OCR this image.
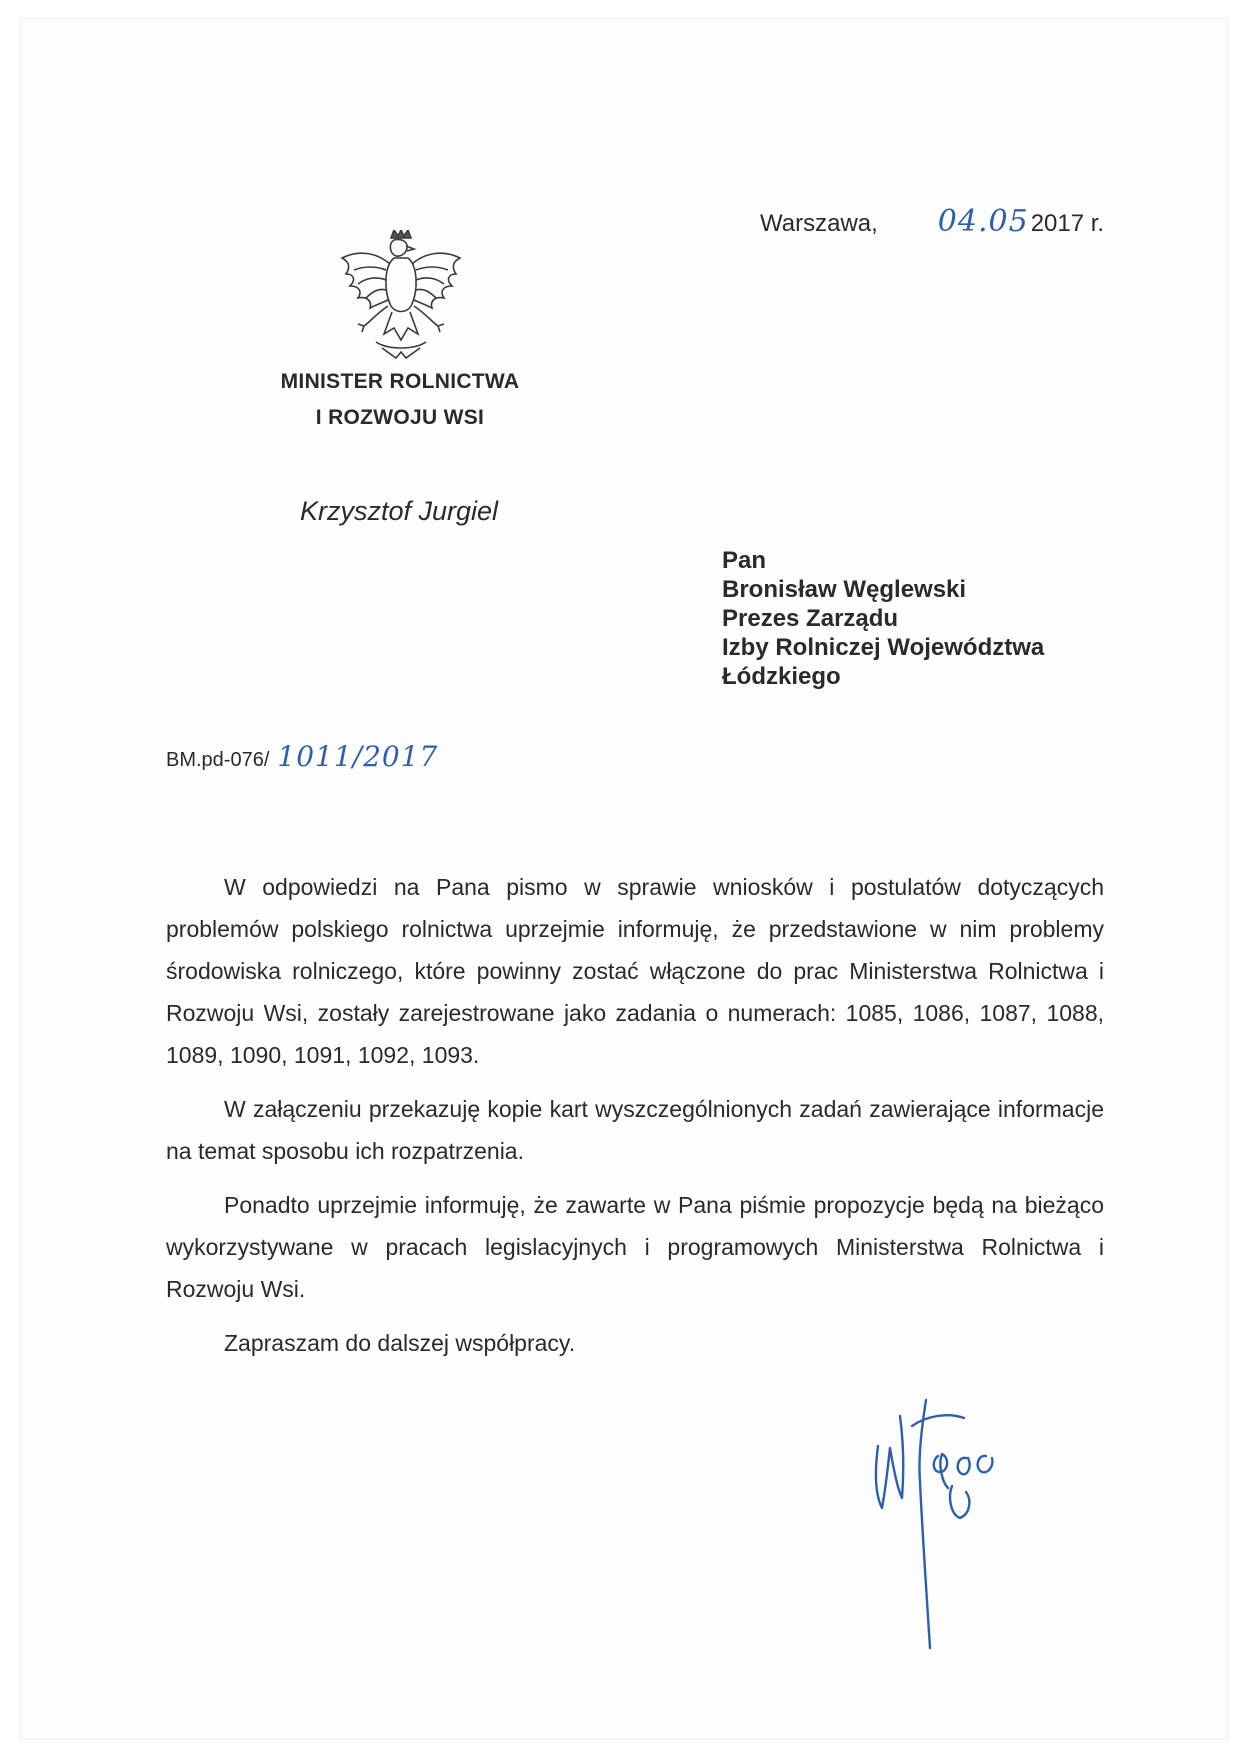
Warszawa, 04.05 2017 r.
MINISTER ROLNICTWA
I ROZWOJU WSI
Krzysztof Jurgiel
Pan
Bronisław Węglewski
Prezes Zarządu
Izby Rolniczej Województwa
Łódzkiego
BM.pd-076/ 1011/2017

W odpowiedzi na Pana pismo w sprawie wniosków i postulatów dotyczących problemów polskiego rolnictwa uprzejmie informuję, że przedstawione w nim problemy środowiska rolniczego, które powinny zostać włączone do prac Ministerstwa Rolnictwa i Rozwoju Wsi, zostały zarejestrowane jako zadania o numerach: 1085, 1086, 1087, 1088, 1089, 1090, 1091, 1092, 1093.

W załączeniu przekazuję kopie kart wyszczególnionych zadań zawierające informacje na temat sposobu ich rozpatrzenia.

Ponadto uprzejmie informuję, że zawarte w Pana piśmie propozycje będą na bieżąco wykorzystywane w pracach legislacyjnych i programowych Ministerstwa Rolnictwa i Rozwoju Wsi.

Zapraszam do dalszej współpracy.
